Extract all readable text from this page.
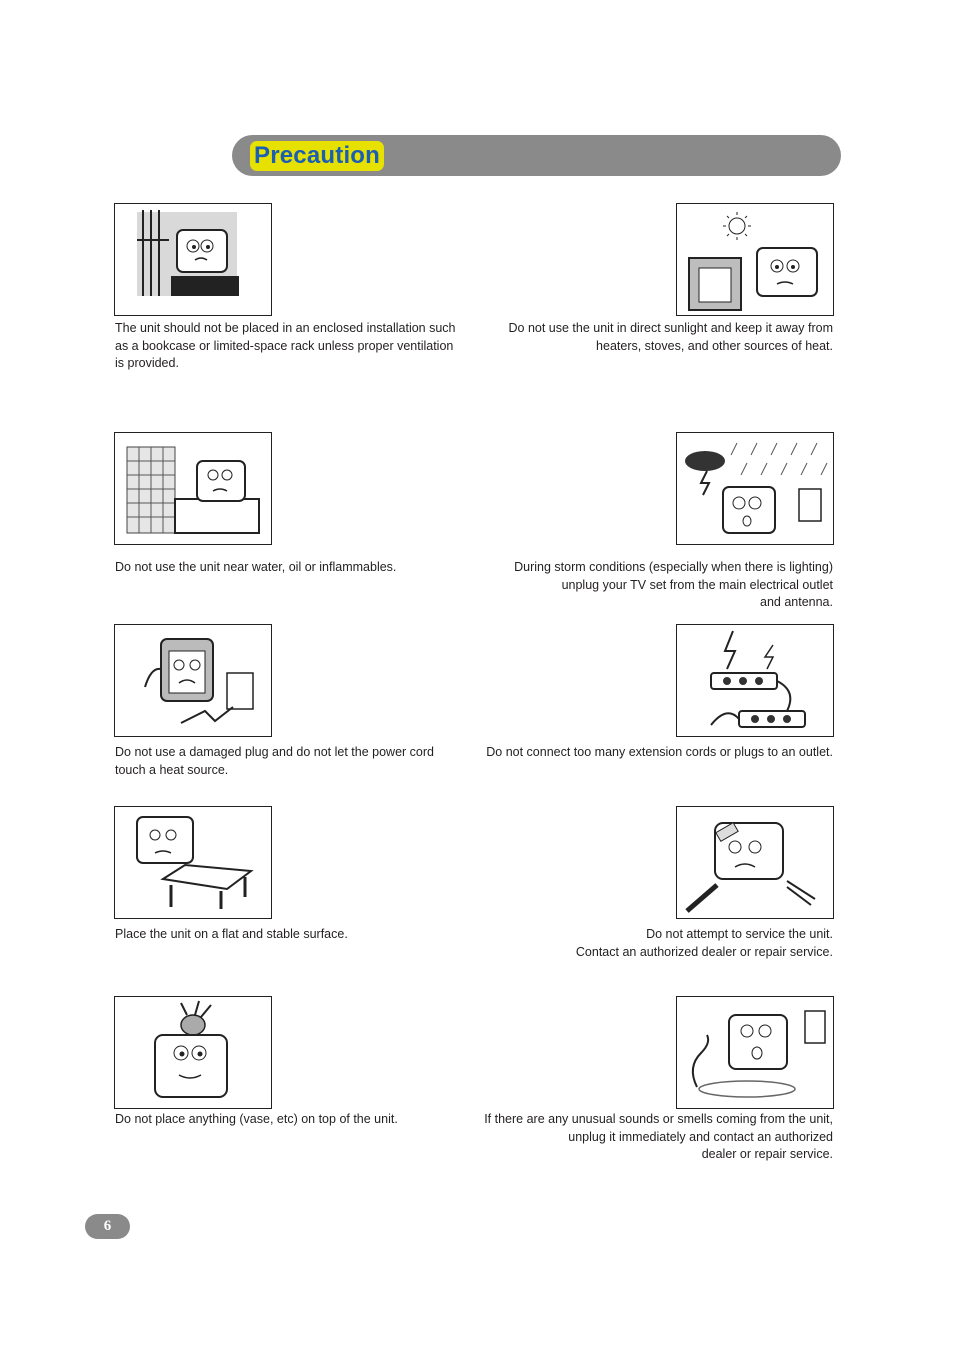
Precaution
The unit should not be placed in an enclosed installation such
as a bookcase or limited-space rack unless proper ventilation
is provided.
Do not use the unit in direct sunlight and keep it away from
heaters, stoves, and other sources of heat.
Do not use the unit near water, oil or inflammables.	During storm conditions (especially when there is lighting)
unplug your TV set from the main electrical outlet
and antenna.
Do not use a damaged plug and do not let the power cord
touch a heat source.
Do not connect too many extension cords or plugs to an outlet.
Place the unit on a flat and stable surface.	Do not attempt to service the unit.
Contact an authorized dealer or repair service.
Do not place anything (vase, etc) on top of the unit.	If there are any unusual sounds or smells coming from the unit,
unplug it immediately and contact an authorized
dealer or repair service.
6
